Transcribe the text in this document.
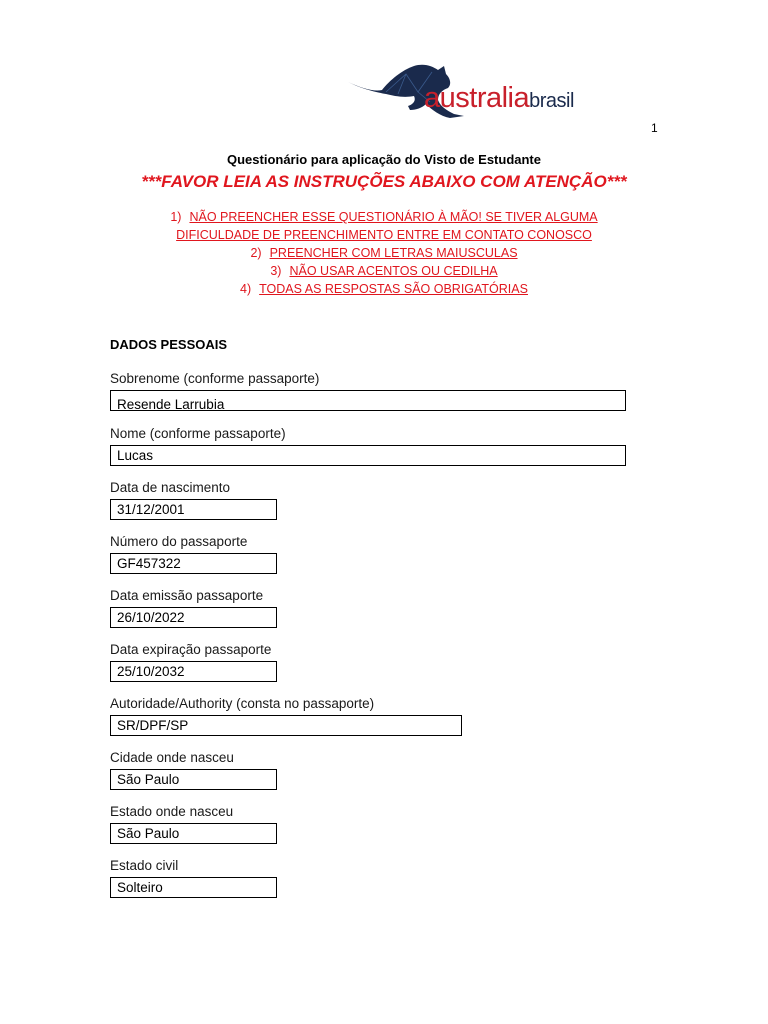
australiabrasil
1
Questionário para aplicação do Visto de Estudante
***FAVOR LEIA AS INSTRUÇÕES ABAIXO COM ATENÇÃO***
1) NÃO PREENCHER ESSE QUESTIONÁRIO À MÃO! SE TIVER ALGUMA
DIFICULDADE DE PREENCHIMENTO ENTRE EM CONTATO CONOSCO
2) PREENCHER COM LETRAS MAIUSCULAS
3) NÃO USAR ACENTOS OU CEDILHA
4) TODAS AS RESPOSTAS SÃO OBRIGATÓRIAS
DADOS PESSOAIS
Sobrenome (conforme passaporte)
Resende Larrubia
Nome (conforme passaporte)
Lucas
Data de nascimento
31/12/2001
Número do passaporte
GF457322
Data emissão passaporte
26/10/2022
Data expiração passaporte
25/10/2032
Autoridade/Authority (consta no passaporte)
SR/DPF/SP
Cidade onde nasceu
São Paulo
Estado onde nasceu
São Paulo
Estado civil
Solteiro
